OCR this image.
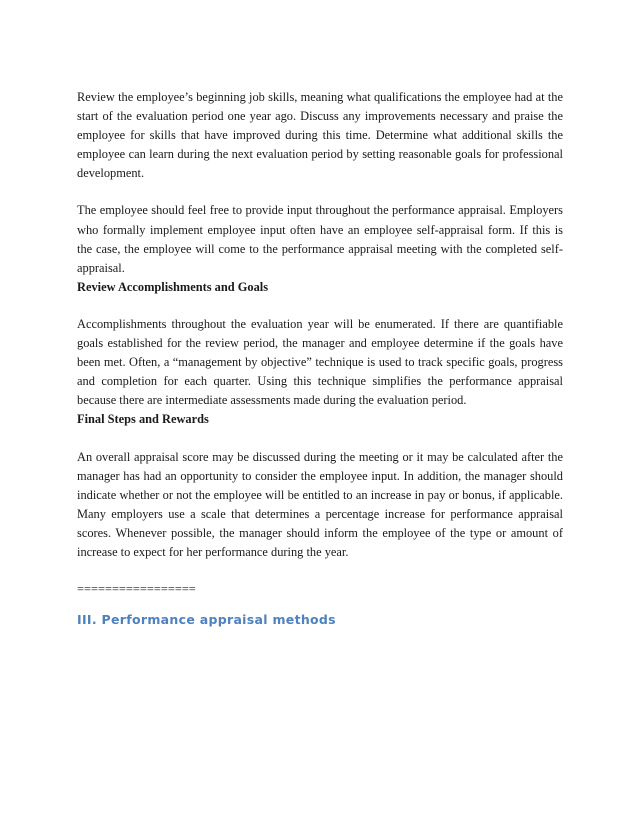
Review the employee’s beginning job skills, meaning what qualifications the employee had at the start of the evaluation period one year ago. Discuss any improvements necessary and praise the employee for skills that have improved during this time. Determine what additional skills the employee can learn during the next evaluation period by setting reasonable goals for professional development.

The employee should feel free to provide input throughout the performance appraisal. Employers who formally implement employee input often have an employee self-appraisal form. If this is the case, the employee will come to the performance appraisal meeting with the completed self-appraisal.

Review Accomplishments and Goals

Accomplishments throughout the evaluation year will be enumerated. If there are quantifiable goals established for the review period, the manager and employee determine if the goals have been met. Often, a “management by objective” technique is used to track specific goals, progress and completion for each quarter. Using this technique simplifies the performance appraisal because there are intermediate assessments made during the evaluation period.

Final Steps and Rewards

An overall appraisal score may be discussed during the meeting or it may be calculated after the manager has had an opportunity to consider the employee input. In addition, the manager should indicate whether or not the employee will be entitled to an increase in pay or bonus, if applicable. Many employers use a scale that determines a percentage increase for performance appraisal scores. Whenever possible, the manager should inform the employee of the type or amount of increase to expect for her performance during the year.

=================

III. Performance appraisal methods
